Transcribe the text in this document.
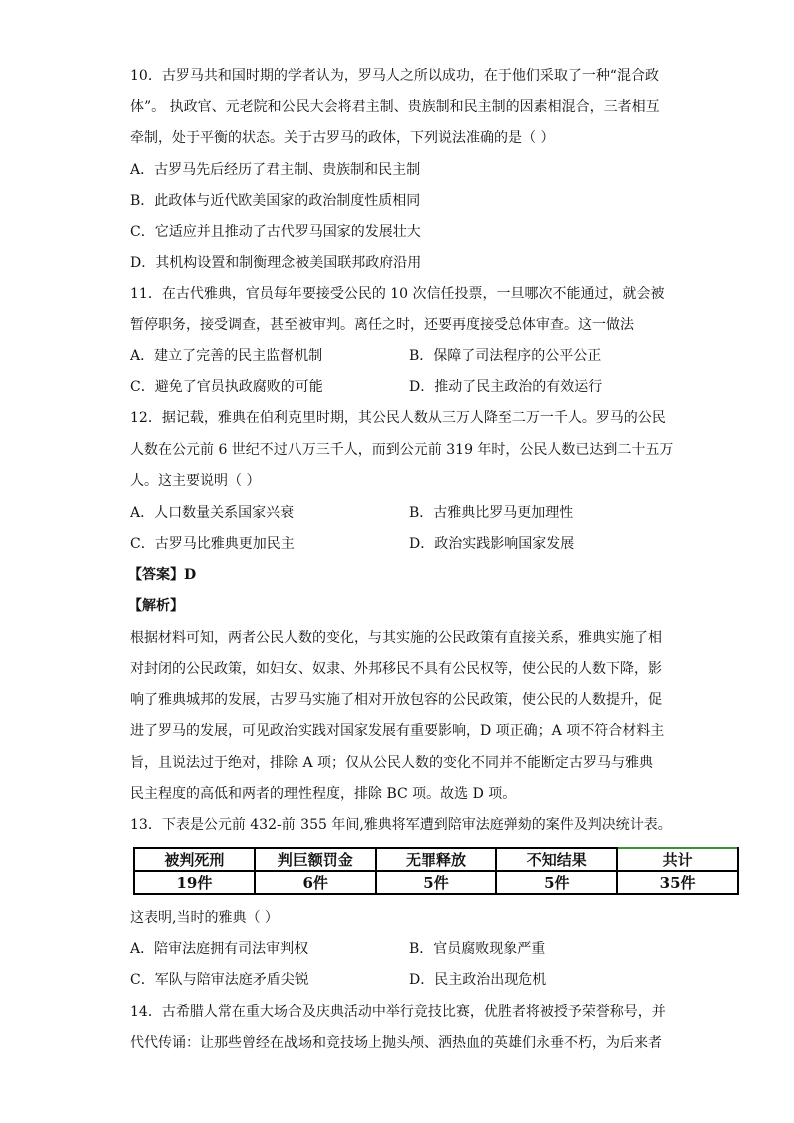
10．古罗马共和国时期的学者认为，罗马人之所以成功，在于他们采取了一种“混合政
体”。 执政官、元老院和公民大会将君主制、贵族制和民主制的因素相混合，三者相互
牵制，处于平衡的状态。关于古罗马的政体，下列说法准确的是（ ）
A．古罗马先后经历了君主制、贵族制和民主制
B．此政体与近代欧美国家的政治制度性质相同
C．它适应并且推动了古代罗马国家的发展壮大
D．其机构设置和制衡理念被美国联邦政府沿用
11．在古代雅典，官员每年要接受公民的 10 次信任投票，一旦哪次不能通过，就会被
暂停职务，接受调查，甚至被审判。离任之时，还要再度接受总体审查。这一做法
A．建立了完善的民主监督机制	B．保障了司法程序的公平公正
C．避免了官员执政腐败的可能	D．推动了民主政治的有效运行
12．据记载，雅典在伯利克里时期，其公民人数从三万人降至二万一千人。罗马的公民
人数在公元前 6 世纪不过八万三千人，而到公元前 319 年时，公民人数已达到二十五万
人。这主要说明（ ）
A．人口数量关系国家兴衰	B．古雅典比罗马更加理性
C．古罗马比雅典更加民主	D．政治实践影响国家发展
【答案】D
【解析】
根据材料可知，两者公民人数的变化，与其实施的公民政策有直接关系，雅典实施了相
对封闭的公民政策，如妇女、奴隶、外邦移民不具有公民权等，使公民的人数下降，影
响了雅典城邦的发展，古罗马实施了相对开放包容的公民政策，使公民的人数提升，促
进了罗马的发展，可见政治实践对国家发展有重要影响，D 项正确；A 项不符合材料主
旨，且说法过于绝对，排除 A 项；仅从公民人数的变化不同并不能断定古罗马与雅典
民主程度的高低和两者的理性程度，排除 BC 项。故选 D 项。
13．下表是公元前 432-前 355 年间,雅典将军遭到陪审法庭弹劾的案件及判决统计表。
被判死刑	判巨额罚金	无罪释放	不知结果	共计
19件	6件	5件	5件	35件
这表明,当时的雅典（ ）
A．陪审法庭拥有司法审判权	B．官员腐败现象严重
C．军队与陪审法庭矛盾尖锐	D．民主政治出现危机
14．古希腊人常在重大场合及庆典活动中举行竞技比赛，优胜者将被授予荣誉称号，并
代代传诵：让那些曾经在战场和竞技场上抛头颅、洒热血的英雄们永垂不朽，为后来者
